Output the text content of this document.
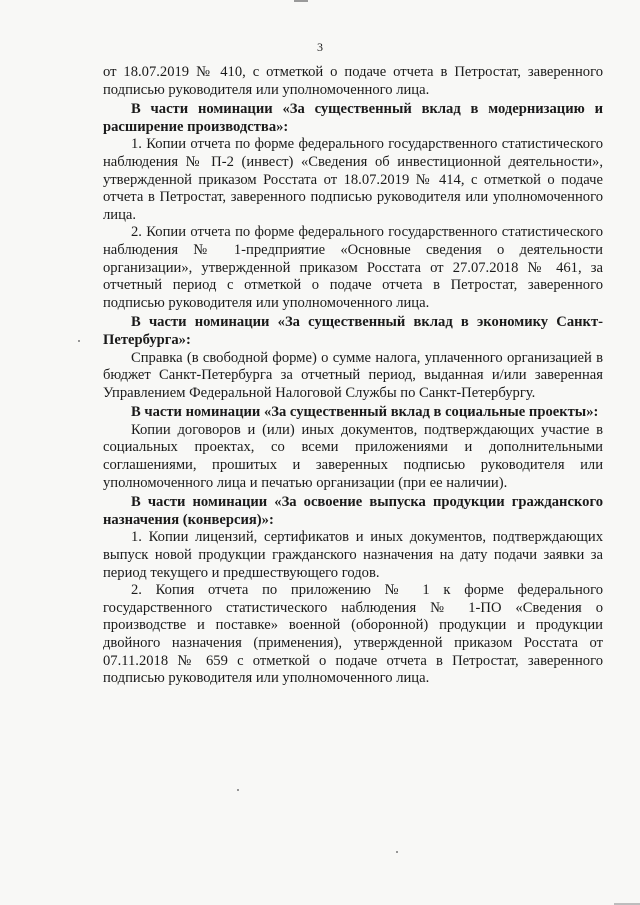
3

от 18.07.2019 № 410, с отметкой о подаче отчета в Петростат, заверенного подписью руководителя или уполномоченного лица.

В части номинации «За существенный вклад в модернизацию и расширение производства»:

1. Копии отчета по форме федерального государственного статистического наблюдения № П-2 (инвест) «Сведения об инвестиционной деятельности», утвержденной приказом Росстата от 18.07.2019 № 414, с отметкой о подаче отчета в Петростат, заверенного подписью руководителя или уполномоченного лица.

2. Копии отчета по форме федерального государственного статистического наблюдения № 1-предприятие «Основные сведения о деятельности организации», утвержденной приказом Росстата от 27.07.2018 № 461, за отчетный период с отметкой о подаче отчета в Петростат, заверенного подписью руководителя или уполномоченного лица.

В части номинации «За существенный вклад в экономику Санкт-Петербурга»:

Справка (в свободной форме) о сумме налога, уплаченного организацией в бюджет Санкт-Петербурга за отчетный период, выданная и/или заверенная Управлением Федеральной Налоговой Службы по Санкт-Петербургу.

В части номинации «За существенный вклад в социальные проекты»:

Копии договоров и (или) иных документов, подтверждающих участие в социальных проектах, со всеми приложениями и дополнительными соглашениями, прошитых и заверенных подписью руководителя или уполномоченного лица и печатью организации (при ее наличии).

В части номинации «За освоение выпуска продукции гражданского назначения (конверсия)»:

1. Копии лицензий, сертификатов и иных документов, подтверждающих выпуск новой продукции гражданского назначения на дату подачи заявки за период текущего и предшествующего годов.

2. Копия отчета по приложению № 1 к форме федерального государственного статистического наблюдения № 1-ПО «Сведения о производстве и поставке» военной (оборонной) продукции и продукции двойного назначения (применения), утвержденной приказом Росстата от 07.11.2018 № 659 с отметкой о подаче отчета в Петростат, заверенного подписью руководителя или уполномоченного лица.
